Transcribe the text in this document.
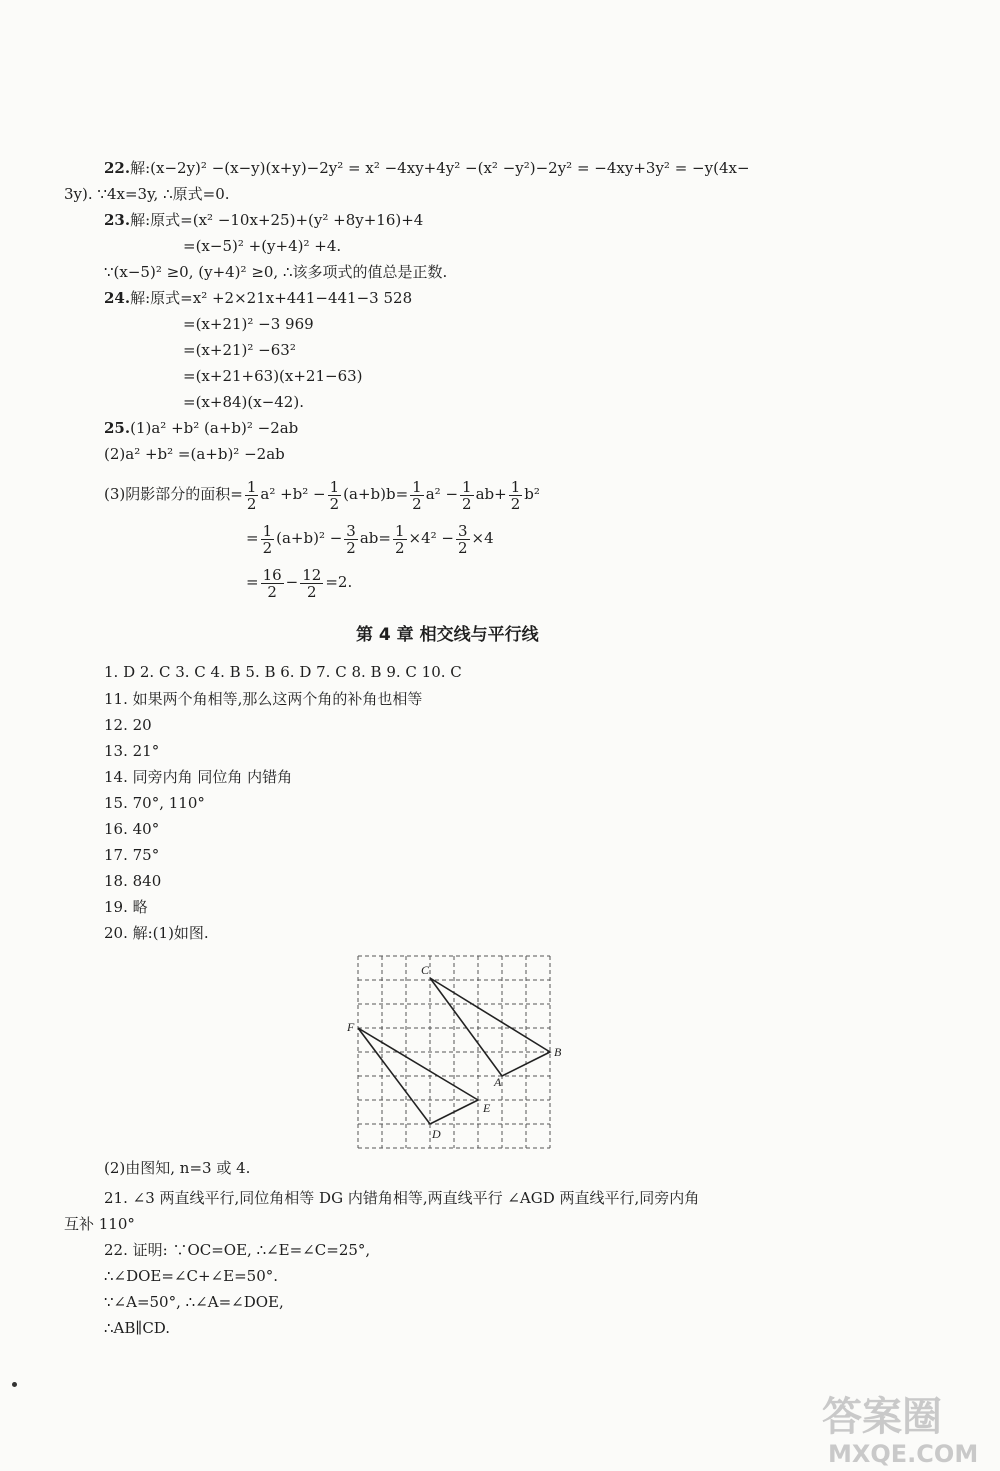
22.解:(x−2y)² −(x−y)(x+y)−2y² = x² −4xy+4y² −(x² −y²)−2y² = −4xy+3y² = −y(4x−
3y). ∵4x=3y, ∴原式=0.
23.解:原式=(x² −10x+25)+(y² +8y+16)+4
=(x−5)² +(y+4)² +4.
∵(x−5)² ≥0, (y+4)² ≥0, ∴该多项式的值总是正数.
24.解:原式=x² +2×21x+441−441−3 528
=(x+21)² −3 969
=(x+21)² −63²
=(x+21+63)(x+21−63)
=(x+84)(x−42).
25.(1)a² +b² (a+b)² −2ab
(2)a² +b² =(a+b)² −2ab
(3)阴影部分的面积= $\frac{1}{2} a^2 +b^2 - \frac{1}{2} (a+b)b= \frac{1}{2} a^2 - \frac{1}{2} ab+ \frac{1}{2} b^2$
= $\frac{1}{2} (a+b)^2 - \frac{3}{2} ab= \frac{1}{2} \times 4^2 - \frac{3}{2} \times 4$
= $\frac{16}{2} - \frac{12}{2} =2$.
第 4 章 相交线与平行线
1. D 2. C 3. C 4. B 5. B 6. D 7. C 8. B 9. C 10. C
11. 如果两个角相等,那么这两个角的补角也相等
12. 20
13. 21°
14. 同旁内角 同位角 内错角
15. 70°, 110°
16. 40°
17. 75°
18. 840
19. 略
20. 解:(1)如图.
C
F
B
A
E
D
(2)由图知, n=3 或 4.
21. ∠3 两直线平行,同位角相等 DG 内错角相等,两直线平行 ∠AGD 两直线平行,同旁内角
互补 110°
22. 证明: ∵OC=OE, ∴∠E=∠C=25°,
∴∠DOE=∠C+∠E=50°.
∵∠A=50°, ∴∠A=∠DOE,
∴AB∥CD.
答案圈
MXQE.COM
